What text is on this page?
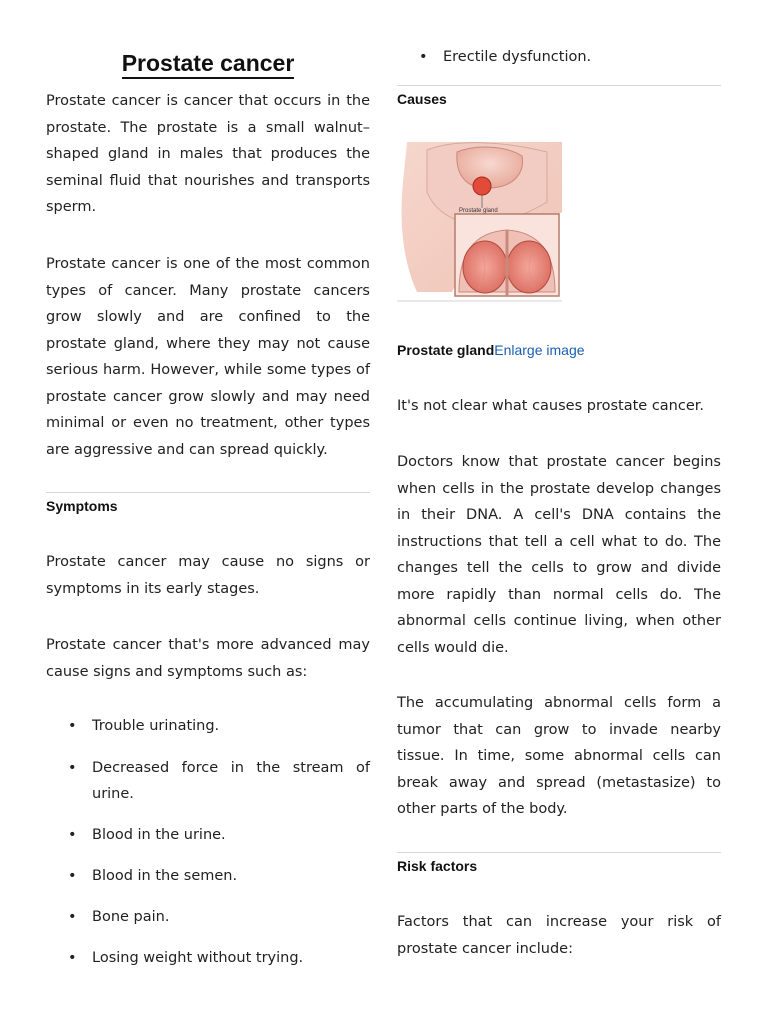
Prostate cancer

Prostate cancer is cancer that occurs in the prostate. The prostate is a small walnut–shaped gland in males that produces the seminal fluid that nourishes and transports sperm.

Prostate cancer is one of the most common types of cancer. Many prostate cancers grow slowly and are confined to the prostate gland, where they may not cause serious harm. However, while some types of prostate cancer grow slowly and may need minimal or even no treatment, other types are aggressive and can spread quickly.

Symptoms

Prostate cancer may cause no signs or symptoms in its early stages.

Prostate cancer that's more advanced may cause signs and symptoms such as:

• Trouble urinating.
• Decreased force in the stream of urine.
• Blood in the urine.
• Blood in the semen.
• Bone pain.
• Losing weight without trying.
• Erectile dysfunction.
Causes
Prostate gland
Prostate glandEnlarge image

It's not clear what causes prostate cancer.

Doctors know that prostate cancer begins when cells in the prostate develop changes in their DNA. A cell's DNA contains the instructions that tell a cell what to do. The changes tell the cells to grow and divide more rapidly than normal cells do. The abnormal cells continue living, when other cells would die.

The accumulating abnormal cells form a tumor that can grow to invade nearby tissue. In time, some abnormal cells can break away and spread (metastasize) to other parts of the body.

Risk factors

Factors that can increase your risk of prostate cancer include:
